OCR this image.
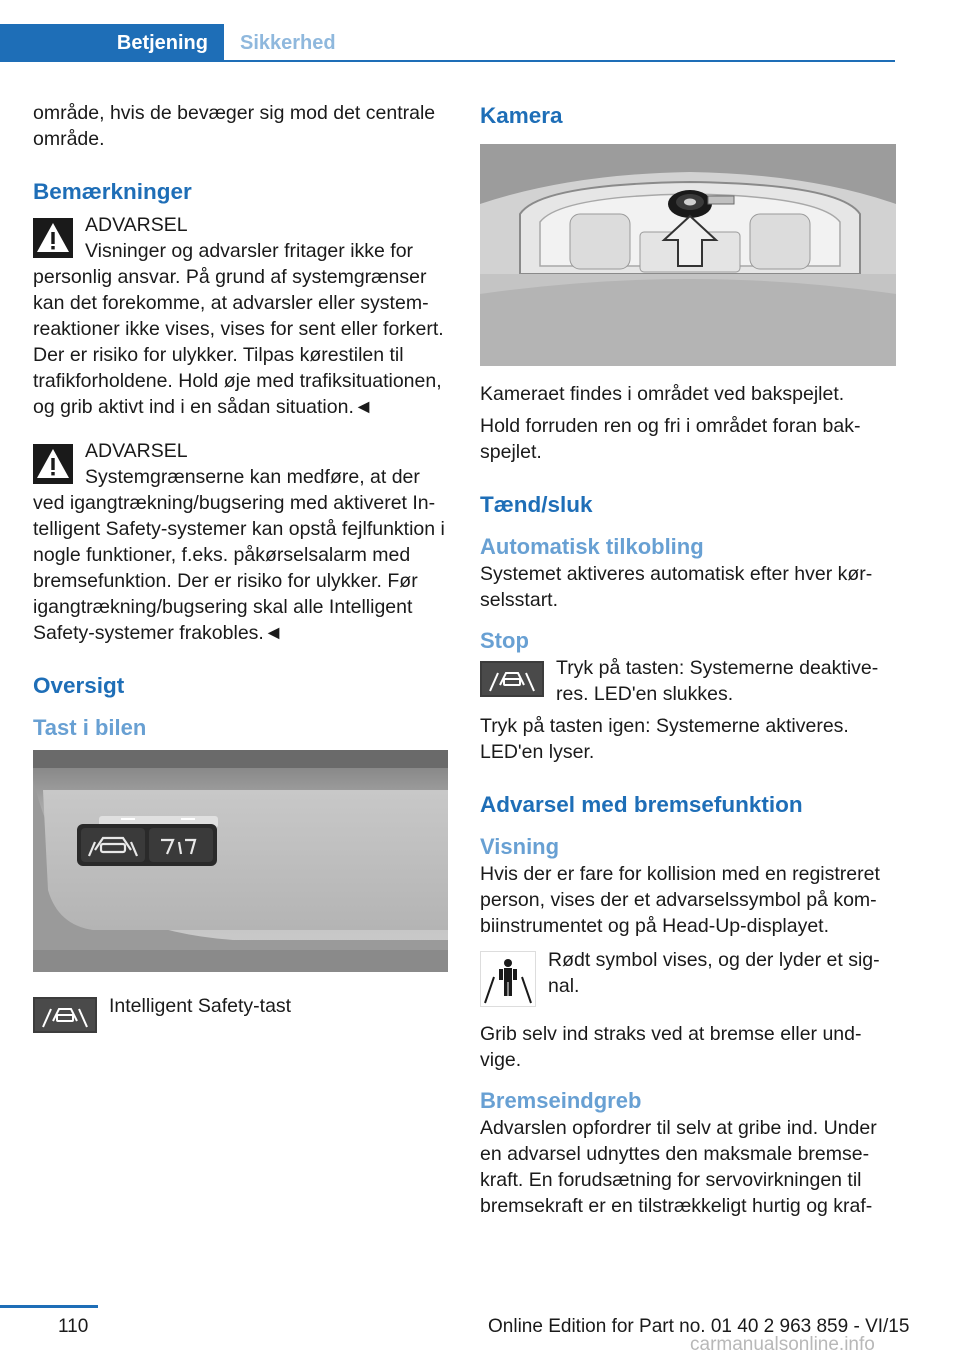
Betjening	Sikkerhed

område, hvis de bevæger sig mod det centrale område.

Bemærkninger
ADVARSEL
Visninger og advarsler fritager ikke for personlig ansvar. På grund af systemgrænser kan det forekomme, at advarsler eller systemreaktioner ikke vises, vises for sent eller forkert. Der er risiko for ulykker. Tilpas kørestilen til trafikforholdene. Hold øje med trafiksituationen, og grib aktivt ind i en sådan situation.◄
ADVARSEL
Systemgrænserne kan medføre, at der ved igangtrækning/bugsering med aktiveret Intelligent Safety-systemer kan opstå fejlfunktion i nogle funktioner, f.eks. påkørselsalarm med bremsefunktion. Der er risiko for ulykker. Før igangtrækning/bugsering skal alle Intelligent Safety-systemer frakobles.◄
Oversigt
Tast i bilen

Intelligent Safety-tast

Kamera

Kameraet findes i området ved bakspejlet.

Hold forruden ren og fri i området foran bakspejlet.

Tænd/sluk
Automatisk tilkobling

Systemet aktiveres automatisk efter hver kørselsstart.

Stop

Tryk på tasten: Systemerne deaktiveres. LED'en slukkes.

Tryk på tasten igen: Systemerne aktiveres. LED'en lyser.

Advarsel med bremsefunktion
Visning

Hvis der er fare for kollision med en registreret person, vises der et advarselssymbol på kombiinstrumentet og på Head-Up-displayet.

Rødt symbol vises, og der lyder et signal.

Grib selv ind straks ved at bremse eller undvige.

Bremseindgreb

Advarslen opfordrer til selv at gribe ind. Under en advarsel udnyttes den maksmale bremsekraft. En forudsætning for servovirkningen til bremsekraft er en tilstrækkeligt hurtig og kraf-

110	Online Edition for Part no. 01 40 2 963 859 - VI/15
carmanualsonline.info
